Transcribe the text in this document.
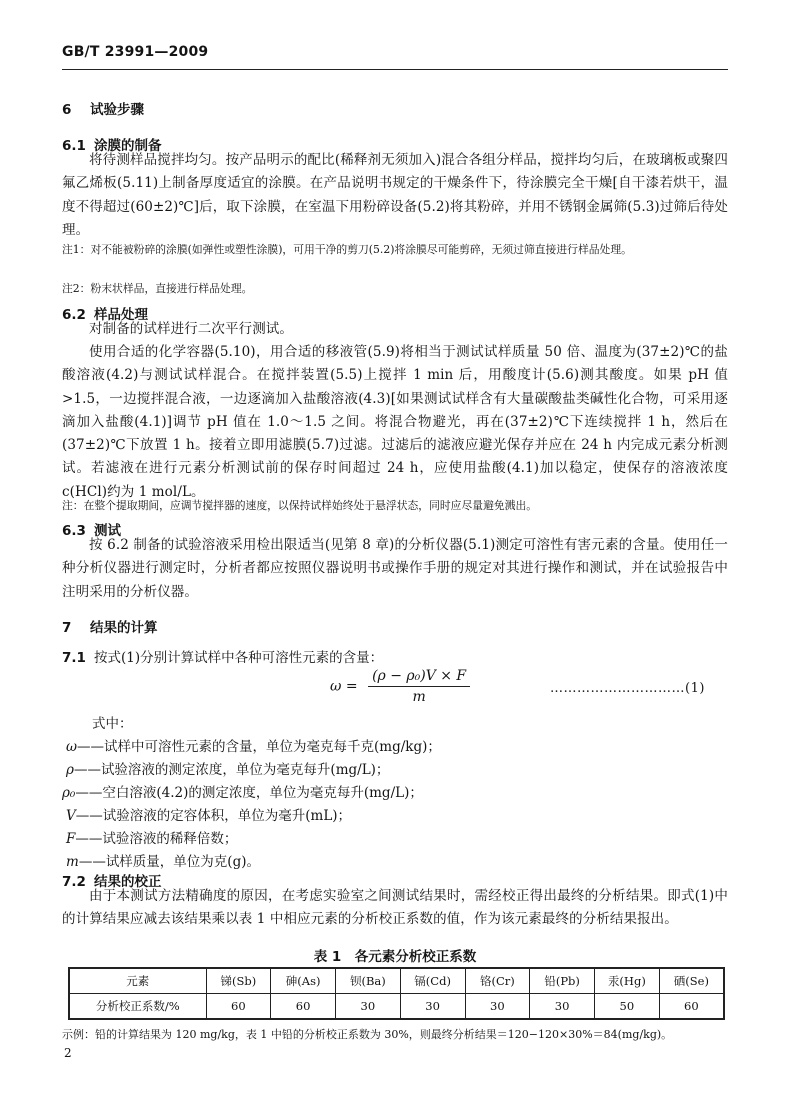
GB/T 23991—2009
6 试验步骤
6.1 涂膜的制备
将待测样品搅拌均匀。按产品明示的配比(稀释剂无须加入)混合各组分样品，搅拌均匀后，在玻璃板或聚四氟乙烯板(5.11)上制备厚度适宜的涂膜。在产品说明书规定的干燥条件下，待涂膜完全干燥[自干漆若烘干，温度不得超过(60±2)℃]后，取下涂膜，在室温下用粉碎设备(5.2)将其粉碎，并用不锈钢金属筛(5.3)过筛后待处理。
注1：对不能被粉碎的涂膜(如弹性或塑性涂膜)，可用干净的剪刀(5.2)将涂膜尽可能剪碎，无须过筛直接进行样品处理。
注2：粉末状样品，直接进行样品处理。
6.2 样品处理
对制备的试样进行二次平行测试。
使用合适的化学容器(5.10)，用合适的移液管(5.9)将相当于测试试样质量 50 倍、温度为(37±2)℃的盐酸溶液(4.2)与测试试样混合。在搅拌装置(5.5)上搅拌 1 min 后，用酸度计(5.6)测其酸度。如果 pH 值>1.5，一边搅拌混合液，一边逐滴加入盐酸溶液(4.3)[如果测试试样含有大量碳酸盐类碱性化合物，可采用逐滴加入盐酸(4.1)]调节 pH 值在 1.0～1.5 之间。将混合物避光，再在(37±2)℃下连续搅拌 1 h，然后在(37±2)℃下放置 1 h。接着立即用滤膜(5.7)过滤。过滤后的滤液应避光保存并应在 24 h 内完成元素分析测试。若滤液在进行元素分析测试前的保存时间超过 24 h，应使用盐酸(4.1)加以稳定，使保存的溶液浓度 c(HCl)约为 1 mol/L。
注：在整个提取期间，应调节搅拌器的速度，以保持试样始终处于悬浮状态，同时应尽量避免溅出。
6.3 测试
按 6.2 制备的试验溶液采用检出限适当(见第 8 章)的分析仪器(5.1)测定可溶性有害元素的含量。使用任一种分析仪器进行测定时，分析者都应按照仪器说明书或操作手册的规定对其进行操作和测试，并在试验报告中注明采用的分析仪器。
7 结果的计算
7.1 按式(1)分别计算试样中各种可溶性元素的含量：
$\omega = \frac{\text{(ρ − ρ₀)V × F}}{m}$	…………………………(1)
式中：
ω——试样中可溶性元素的含量，单位为毫克每千克(mg/kg)；
ρ——试验溶液的测定浓度，单位为毫克每升(mg/L)；
ρ₀——空白溶液(4.2)的测定浓度，单位为毫克每升(mg/L)；
V——试验溶液的定容体积，单位为毫升(mL)；
F——试验溶液的稀释倍数；
m——试样质量，单位为克(g)。
7.2 结果的校正
由于本测试方法精确度的原因，在考虑实验室之间测试结果时，需经校正得出最终的分析结果。即式(1)中的计算结果应减去该结果乘以表 1 中相应元素的分析校正系数的值，作为该元素最终的分析结果报出。
表 1　各元素分析校正系数
元素	锑(Sb)	砷(As)	钡(Ba)	镉(Cd)	铬(Cr)	铅(Pb)	汞(Hg)	硒(Se)
分析校正系数/%	60	60	30	30	30	30	50	60
示例：铅的计算结果为 120 mg/kg，表 1 中铅的分析校正系数为 30%，则最终分析结果＝120−120×30%＝84(mg/kg)。
2
